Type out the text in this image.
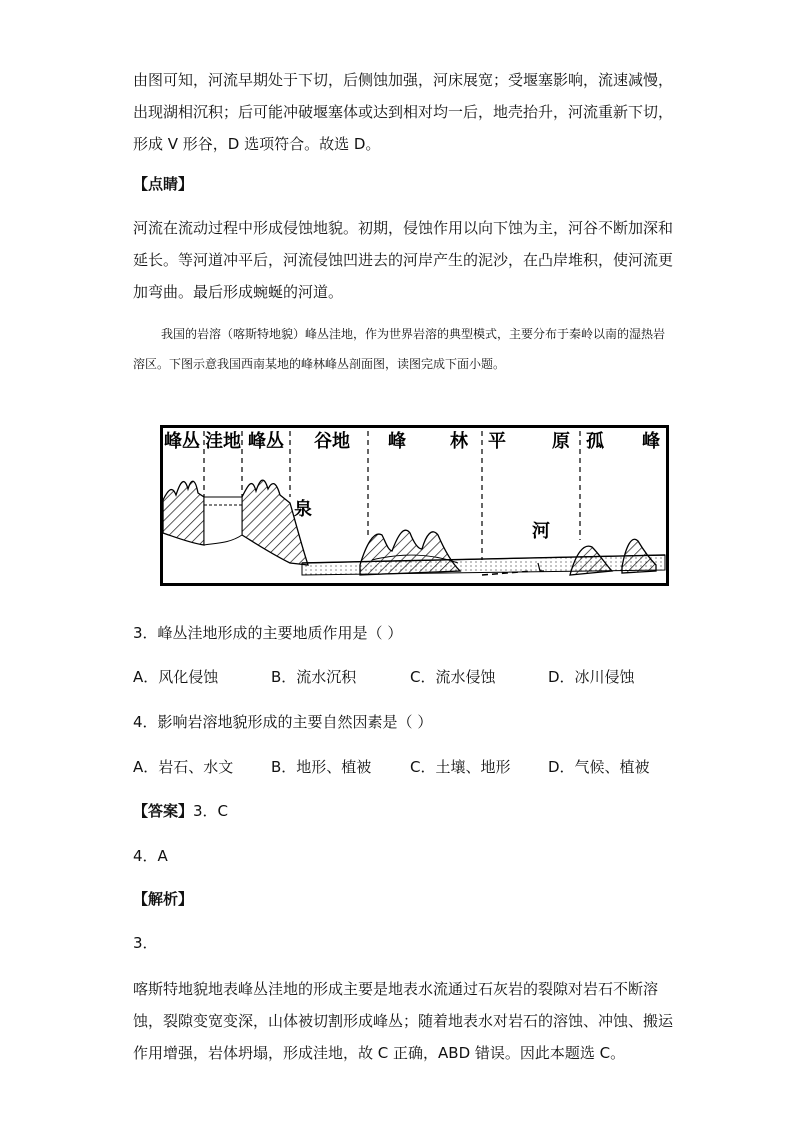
由图可知，河流早期处于下切，后侧蚀加强，河床展宽；受堰塞影响，流速减慢，出现湖相沉积；后可能冲破堰塞体或达到相对均一后，地壳抬升，河流重新下切，形成 V 形谷，D 选项符合。故选 D。

【点睛】

河流在流动过程中形成侵蚀地貌。初期，侵蚀作用以向下蚀为主，河谷不断加深和延长。等河道冲平后，河流侵蚀凹进去的河岸产生的泥沙，在凸岸堆积，使河流更加弯曲。最后形成蜿蜒的河道。

我国的岩溶（喀斯特地貌）峰丛洼地，作为世界岩溶的典型模式，主要分布于秦岭以南的湿热岩溶区。下图示意我国西南某地的峰林峰丛剖面图，读图完成下面小题。

峰丛 洼地 峰丛 谷地 峰 林 平	原 孤 峰
泉
河
3．峰丛洼地形成的主要地质作用是（ ）
A．风化侵蚀	B．流水沉积	C．流水侵蚀	D．冰川侵蚀
4．影响岩溶地貌形成的主要自然因素是（ ）
A．岩石、水文	B．地形、植被	C．土壤、地形	D．气候、植被
【答案】 3．C
4．A
【解析】
3．

喀斯特地貌地表峰丛洼地的形成主要是地表水流通过石灰岩的裂隙对岩石不断溶蚀，裂隙变宽变深，山体被切割形成峰丛；随着地表水对岩石的溶蚀、冲蚀、搬运作用增强，岩体坍塌，形成洼地，故 C 正确，ABD 错误。因此本题选 C。
